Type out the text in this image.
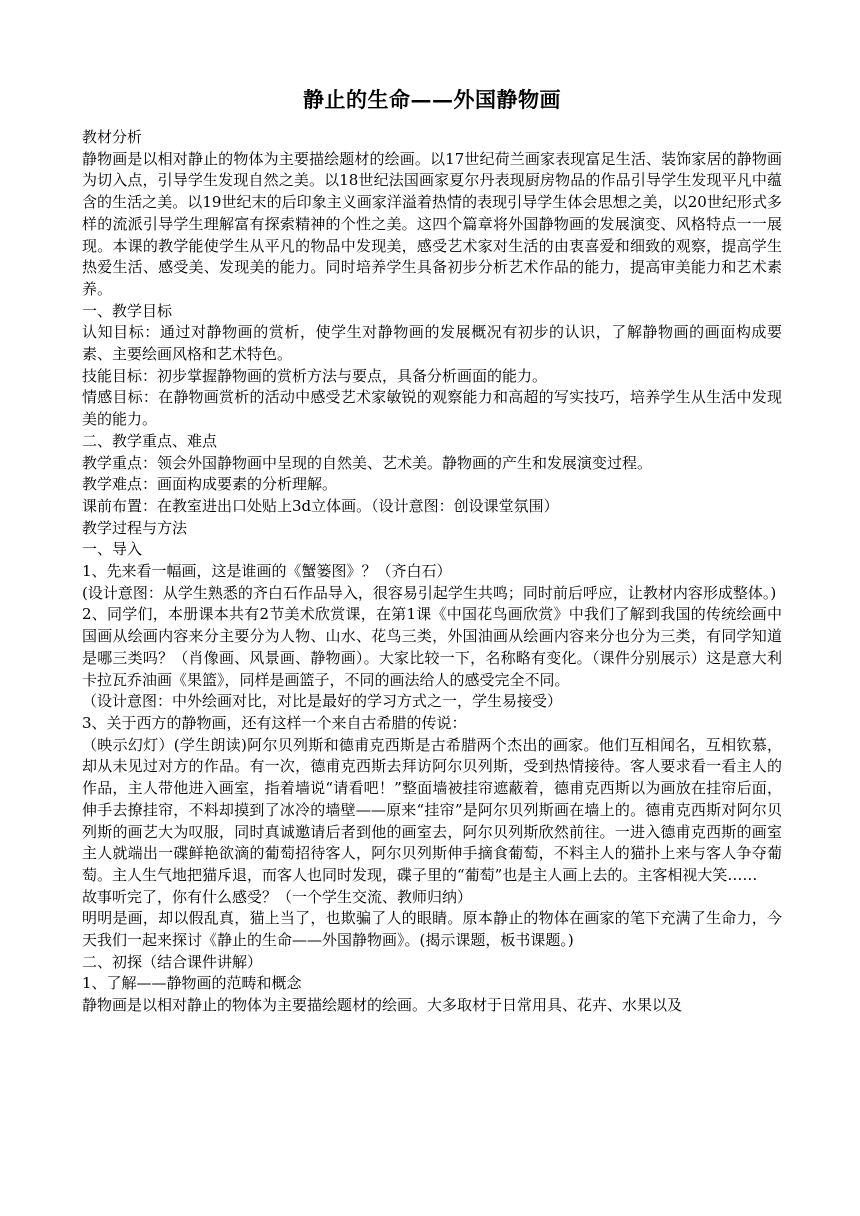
静止的生命——外国静物画

教材分析

静物画是以相对静止的物体为主要描绘题材的绘画。以17世纪荷兰画家表现富足生活、装饰家居的静物画为切入点，引导学生发现自然之美。以18世纪法国画家夏尔丹表现厨房物品的作品引导学生发现平凡中蕴含的生活之美。以19世纪末的后印象主义画家洋溢着热情的表现引导学生体会思想之美，以20世纪形式多样的流派引导学生理解富有探索精神的个性之美。这四个篇章将外国静物画的发展演变、风格特点一一展现。本课的教学能使学生从平凡的物品中发现美，感受艺术家对生活的由衷喜爱和细致的观察，提高学生热爱生活、感受美、发现美的能力。同时培养学生具备初步分析艺术作品的能力，提高审美能力和艺术素养。

一、教学目标

认知目标：通过对静物画的赏析，使学生对静物画的发展概况有初步的认识，了解静物画的画面构成要素、主要绘画风格和艺术特色。

技能目标：初步掌握静物画的赏析方法与要点，具备分析画面的能力。

情感目标：在静物画赏析的活动中感受艺术家敏锐的观察能力和高超的写实技巧，培养学生从生活中发现美的能力。

二、教学重点、难点

教学重点：领会外国静物画中呈现的自然美、艺术美。静物画的产生和发展演变过程。

教学难点：画面构成要素的分析理解。

课前布置：在教室进出口处贴上3d立体画。（设计意图：创设课堂氛围）

教学过程与方法

一、导入

1、先来看一幅画，这是谁画的《蟹篓图》？（齐白石）

(设计意图：从学生熟悉的齐白石作品导入，很容易引起学生共鸣；同时前后呼应，让教材内容形成整体。)

2、同学们，本册课本共有2节美术欣赏课，在第1课《中国花鸟画欣赏》中我们了解到我国的传统绘画中国画从绘画内容来分主要分为人物、山水、花鸟三类，外国油画从绘画内容来分也分为三类，有同学知道是哪三类吗？（肖像画、风景画、静物画）。大家比较一下，名称略有变化。（课件分别展示）这是意大利卡拉瓦乔油画《果篮》，同样是画篮子，不同的画法给人的感受完全不同。

（设计意图：中外绘画对比，对比是最好的学习方式之一，学生易接受）

3、关于西方的静物画，还有这样一个来自古希腊的传说：

（映示幻灯）(学生朗读)阿尔贝列斯和德甫克西斯是古希腊两个杰出的画家。他们互相闻名，互相钦慕，却从未见过对方的作品。有一次，德甫克西斯去拜访阿尔贝列斯，受到热情接待。客人要求看一看主人的作品，主人带他进入画室，指着墙说“请看吧！”整面墙被挂帘遮蔽着，德甫克西斯以为画放在挂帘后面，伸手去撩挂帘，不料却摸到了冰冷的墙壁——原来“挂帘”是阿尔贝列斯画在墙上的。德甫克西斯对阿尔贝列斯的画艺大为叹服，同时真诚邀请后者到他的画室去，阿尔贝列斯欣然前往。一进入德甫克西斯的画室主人就端出一碟鲜艳欲滴的葡萄招待客人，阿尔贝列斯伸手摘食葡萄，不料主人的猫扑上来与客人争夺葡萄。主人生气地把猫斥退，而客人也同时发现，碟子里的“葡萄”也是主人画上去的。主客相视大笑……

故事听完了，你有什么感受？（一个学生交流、教师归纳）

明明是画，却以假乱真，猫上当了，也欺骗了人的眼睛。原本静止的物体在画家的笔下充满了生命力，今天我们一起来探讨《静止的生命——外国静物画》。(揭示课题，板书课题。)

二、初探（结合课件讲解）

1、了解——静物画的范畴和概念

静物画是以相对静止的物体为主要描绘题材的绘画。大多取材于日常用具、花卉、水果以及
